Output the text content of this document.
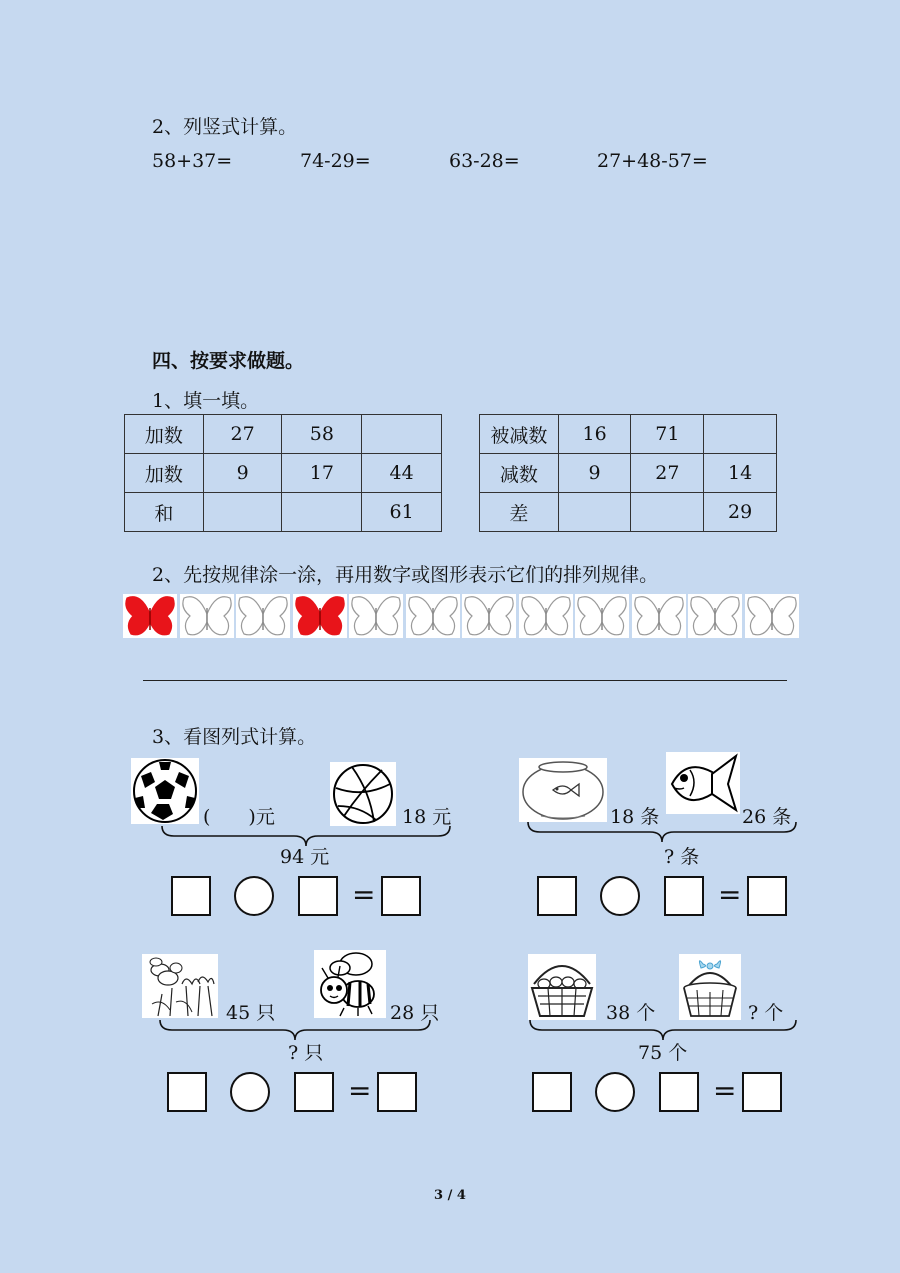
2、列竖式计算。
58+37=	74-29=	63-28=	27+48-57=
四、按要求做题。
1、填一填。
加数	27	58	
加数	9	17	44
和			61
被减数	16	71	
减数	9	27	14
差			29
2、先按规律涂一涂，再用数字或图形表示它们的排列规律。
3、看图列式计算。
(　　)元	18 元
94 元
=
18 条	26 条
? 条
=
45 只	28 只
? 只
=
38 个	? 个
75 个
=
3 / 4
